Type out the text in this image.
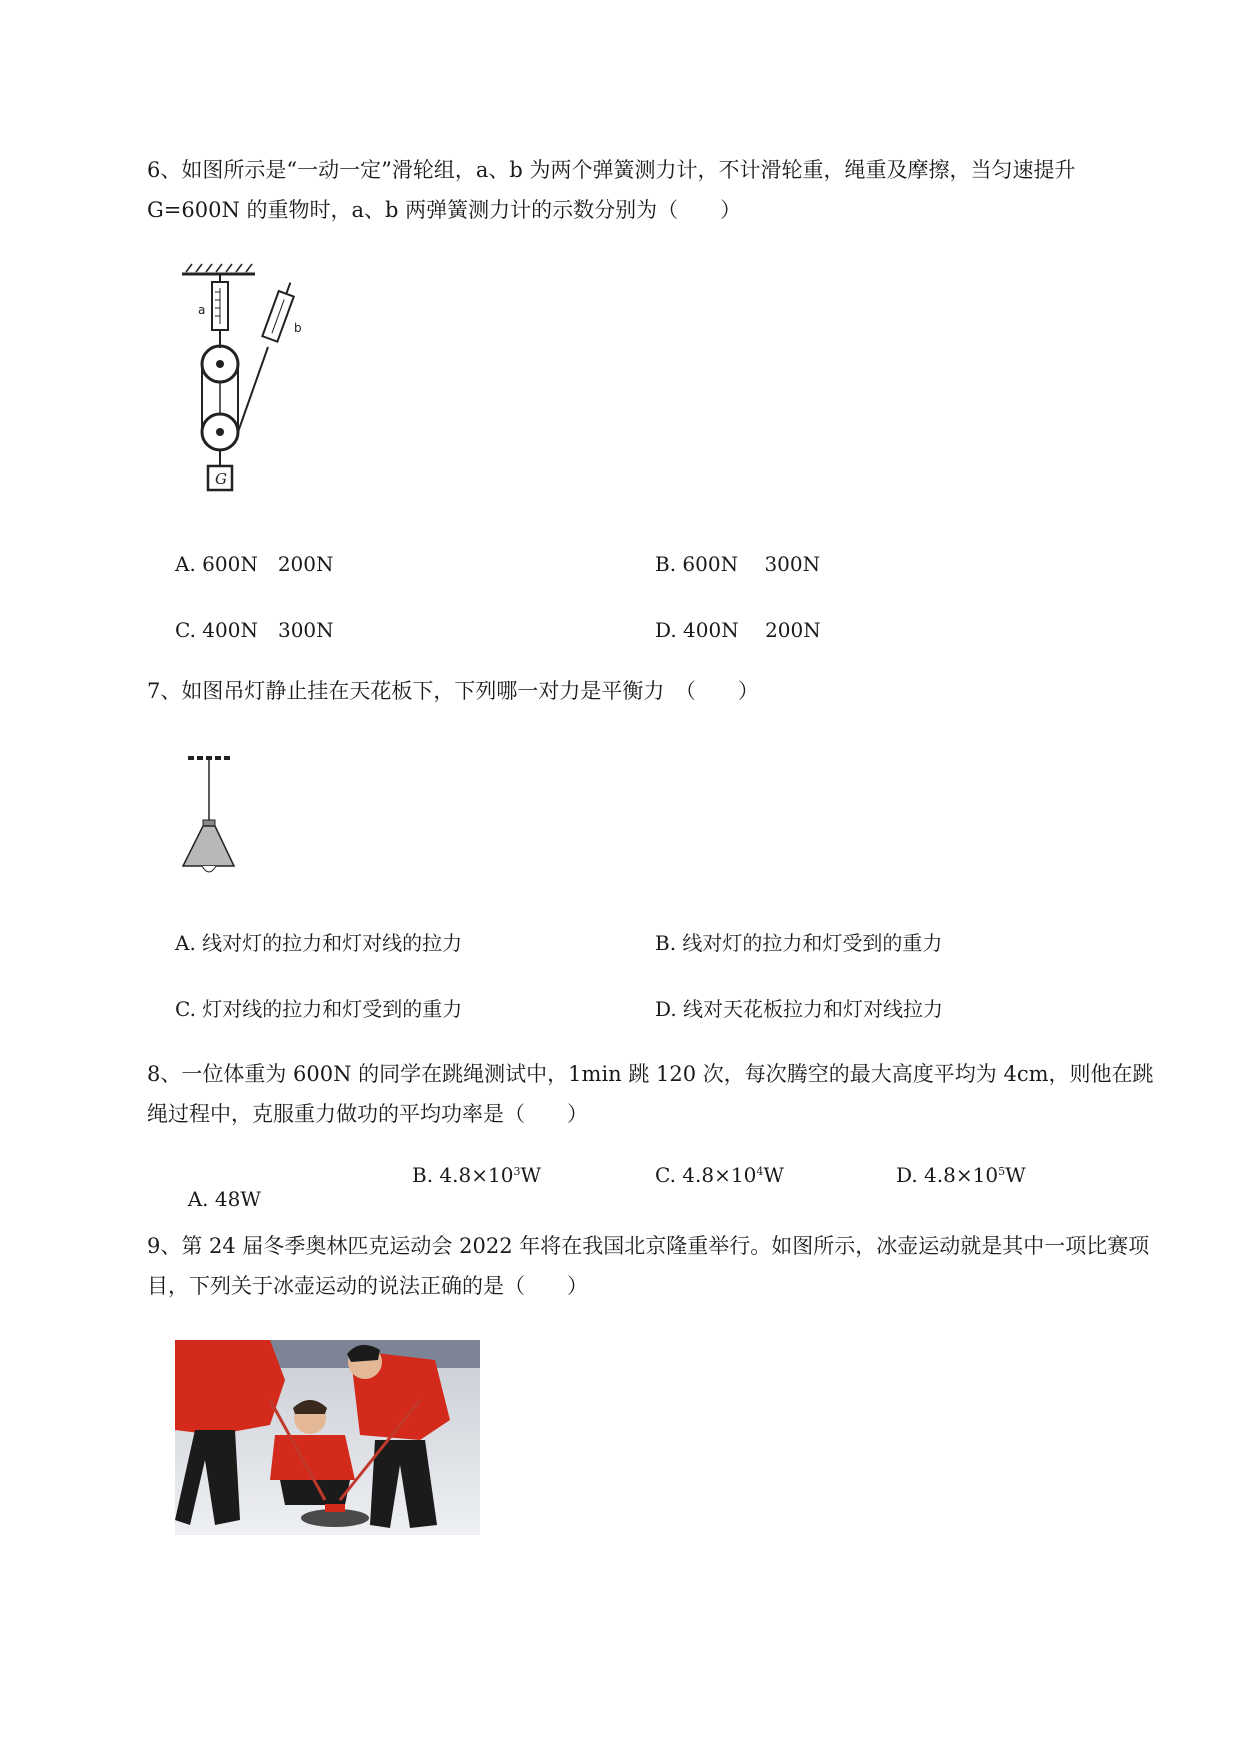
6、如图所示是“一动一定”滑轮组，a、b 为两个弹簧测力计，不计滑轮重，绳重及摩擦，当匀速提升 G=600N 的重物时，a、b 两弹簧测力计的示数分别为（　　）

a
b
G
A. 600N　200N	B. 600N　 300N
C. 400N　300N	D. 400N　 200N

7、如图吊灯静止挂在天花板下，下列哪一对力是平衡力　（　　）

A. 线对灯的拉力和灯对线的拉力	B. 线对灯的拉力和灯受到的重力
C. 灯对线的拉力和灯受到的重力	D. 线对天花板拉力和灯对线拉力

8、一位体重为 600N 的同学在跳绳测试中，1min 跳 120 次，每次腾空的最大高度平均为 4cm，则他在跳绳过程中，克服重力做功的平均功率是（　　）

A. 48W

B. $4.8\times 10^3W$	C. $4.8\times 10^4W$	D. $4.8\times 10^5W$

9、第 24 届冬季奥林匹克运动会 2022 年将在我国北京隆重举行。如图所示，冰壶运动就是其中一项比赛项目，下列关于冰壶运动的说法正确的是（　　）
